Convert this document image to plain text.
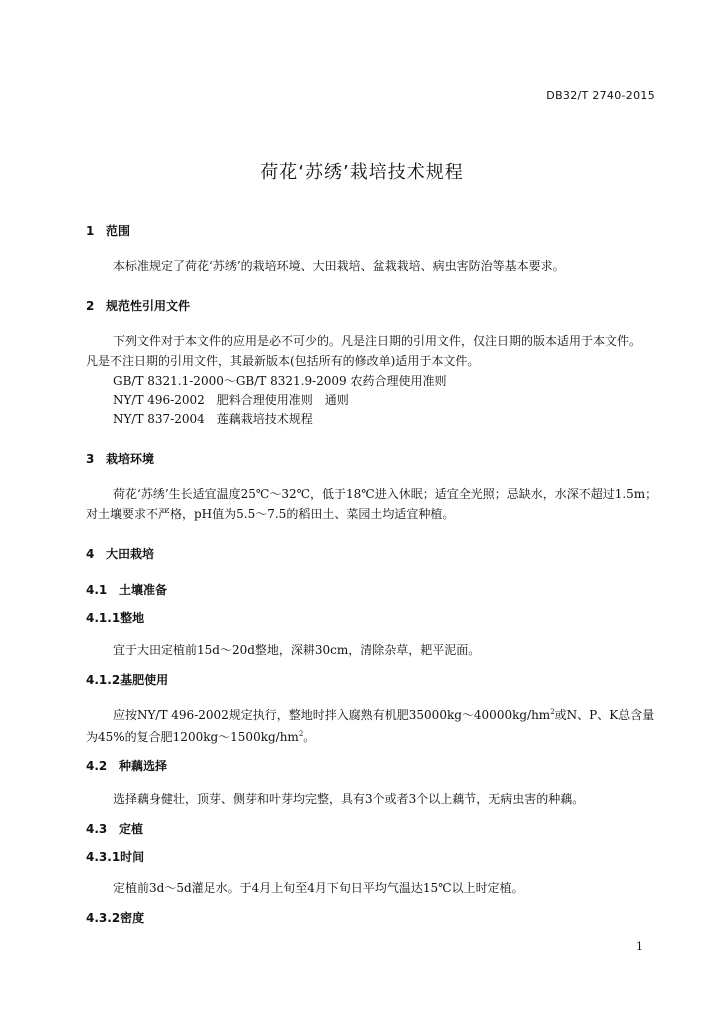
DB32/T 2740-2015
荷花‘苏绣’栽培技术规程
1 范围
本标准规定了荷花‘苏绣’的栽培环境、大田栽培、盆栽栽培、病虫害防治等基本要求。
2 规范性引用文件
下列文件对于本文件的应用是必不可少的。凡是注日期的引用文件，仅注日期的版本适用于本文件。
凡是不注日期的引用文件，其最新版本(包括所有的修改单)适用于本文件。
GB/T 8321.1-2000～GB/T 8321.9-2009 农药合理使用准则
NY/T 496-2002　肥料合理使用准则　通则
NY/T 837-2004　莲藕栽培技术规程
3 栽培环境
荷花‘苏绣’生长适宜温度25℃～32℃，低于18℃进入休眠；适宜全光照；忌缺水，水深不超过1.5m；
对土壤要求不严格，pH值为5.5～7.5的稻田土、菜园土均适宜种植。
4 大田栽培
4.1 土壤准备
4.1.1整地
宜于大田定植前15d～20d整地，深耕30cm，清除杂草，耙平泥面。
4.1.2基肥使用
应按NY/T 496-2002规定执行，整地时拌入腐熟有机肥$35000kg\sim 40000kg/hm^2$或N、P、K总含量
为45%的复合肥$1200kg\sim 1500kg/hm^2$。
4.2 种藕选择
选择藕身健壮，顶芽、侧芽和叶芽均完整，具有3个或者3个以上藕节，无病虫害的种藕。
4.3 定植
4.3.1时间
定植前3d～5d灌足水。于4月上旬至4月下旬日平均气温达15℃以上时定植。
4.3.2密度
1
